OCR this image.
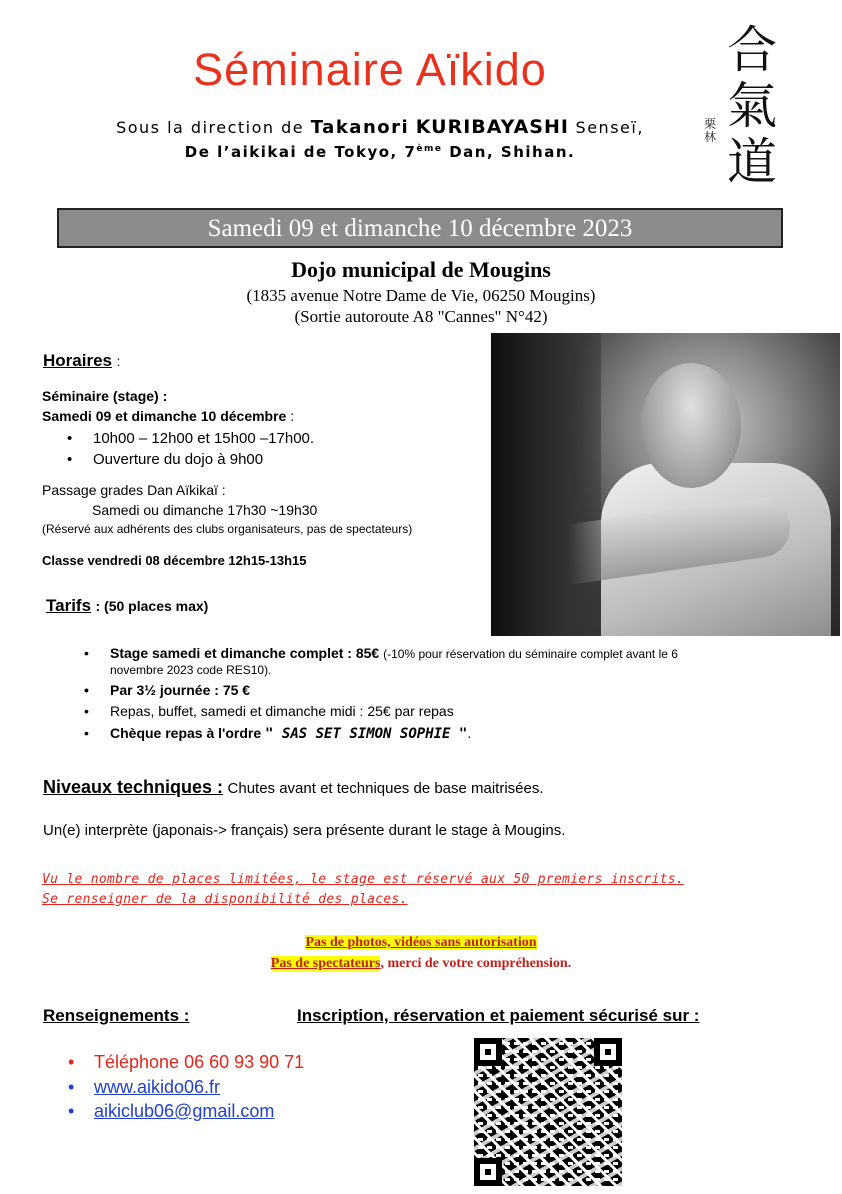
Séminaire Aïkido
Sous la direction de Takanori KURIBAYASHI Senseï,
De l’aikikai de Tokyo, 7ème Dan, Shihan.
合
氣
道
栗林
Samedi 09 et dimanche 10 décembre 2023
Dojo municipal de Mougins
(1835 avenue Notre Dame de Vie, 06250 Mougins)
(Sortie autoroute A8 "Cannes" N°42)
Horaires :
Séminaire (stage) :
Samedi 09 et dimanche 10 décembre :
• 10h00 – 12h00 et 15h00 –17h00.
• Ouverture du dojo à 9h00
Passage grades Dan Aïkikaï :
Samedi ou dimanche 17h30 ~19h30
(Réservé aux adhérents des clubs organisateurs, pas de spectateurs)
Classe vendredi 08 décembre 12h15-13h15
Tarifs : (50 places max)
• Stage samedi et dimanche complet : 85€ (-10% pour réservation du séminaire complet avant le 6
novembre 2023 code RES10).
• Par 3½ journée : 75 €
• Repas, buffet, samedi et dimanche midi : 25€ par repas
• Chèque repas à l'ordre " SAS SET SIMON SOPHIE ".
Niveaux techniques : Chutes avant et techniques de base maitrisées.
Un(e) interprète (japonais-> français) sera présente durant le stage à Mougins.
Vu le nombre de places limitées, le stage est réservé aux 50 premiers inscrits.
Se renseigner de la disponibilité des places.
Pas de photos, vidéos sans autorisation
Pas de spectateurs, merci de votre compréhension.
Renseignements :	Inscription, réservation et paiement sécurisé sur :
• Téléphone 06 60 93 90 71
• www.aikido06.fr
• aikiclub06@gmail.com
